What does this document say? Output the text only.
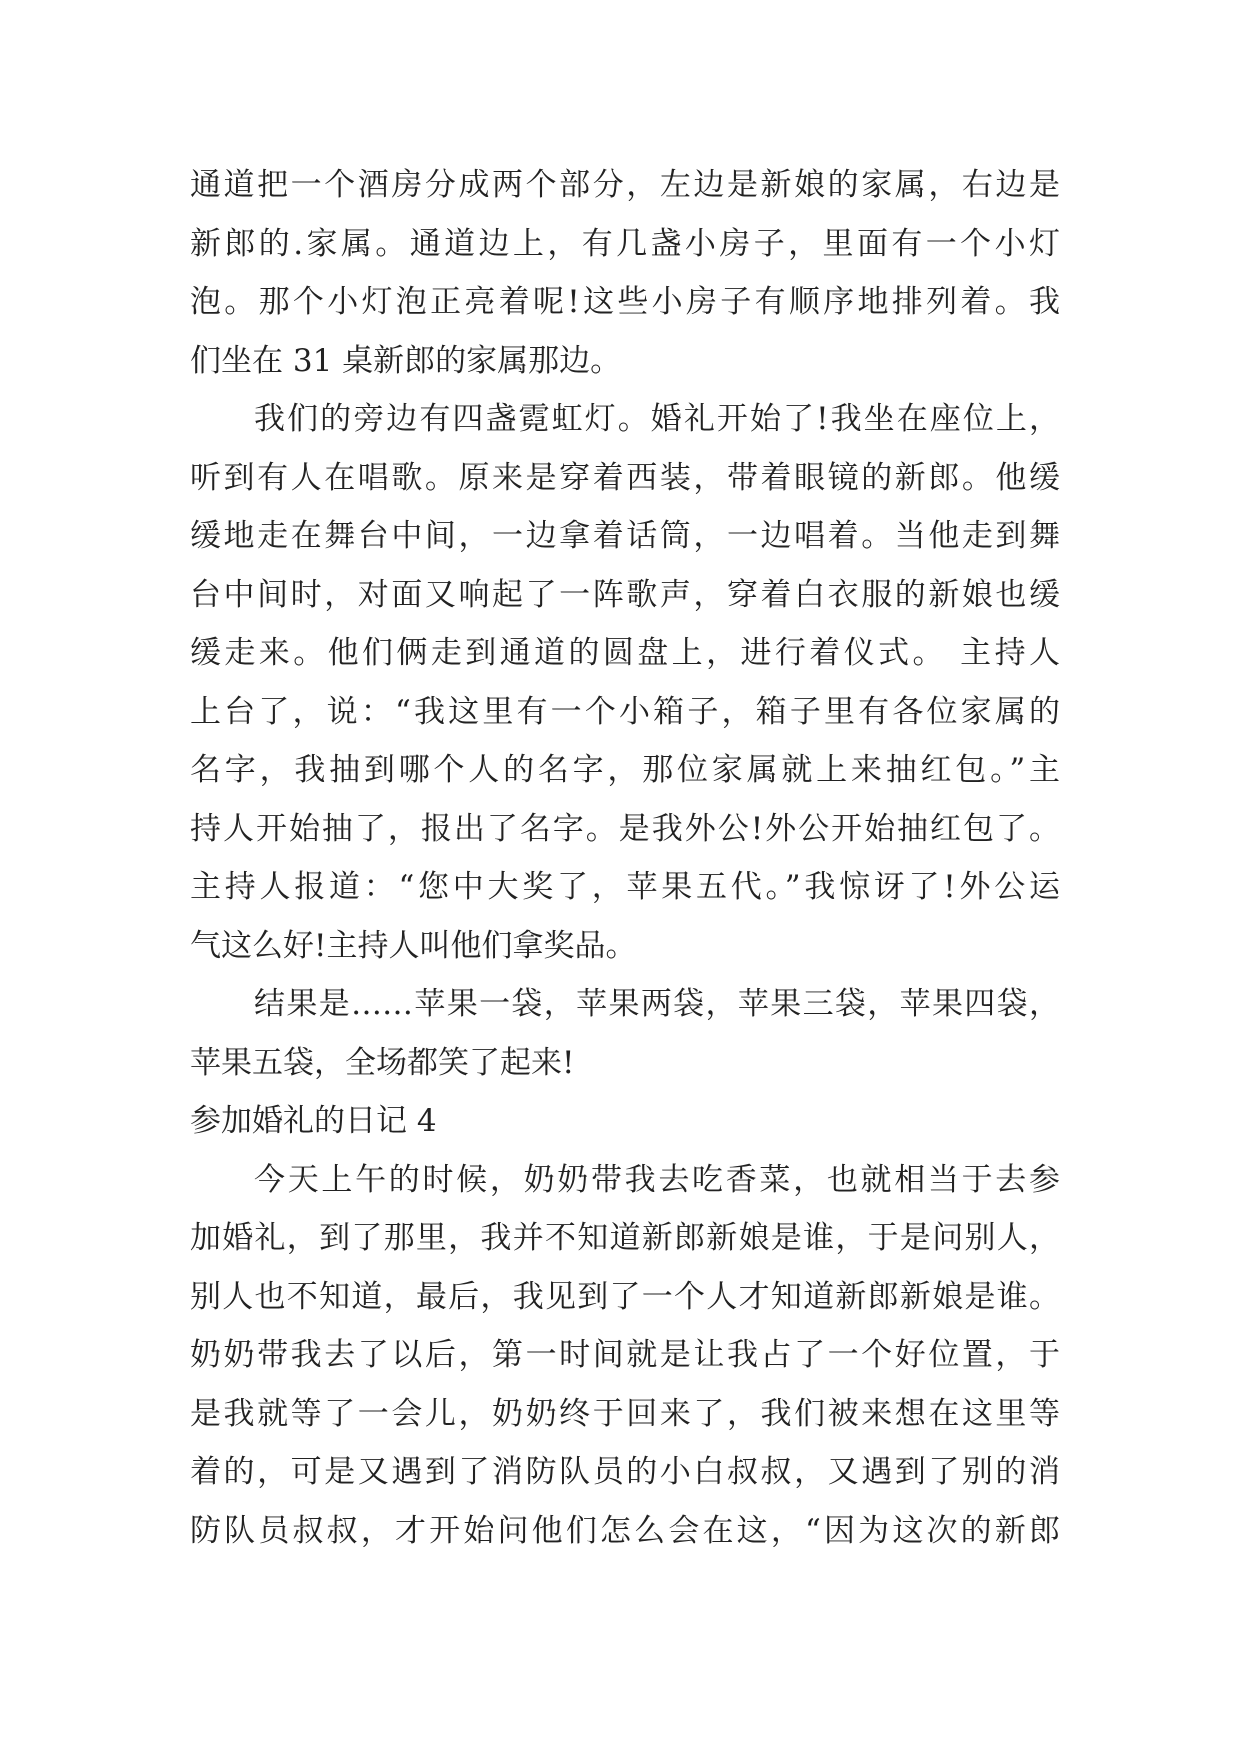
通道把一个酒房分成两个部分，左边是新娘的家属，右边是
新郎的.家属。通道边上，有几盏小房子，里面有一个小灯
泡。那个小灯泡正亮着呢!这些小房子有顺序地排列着。我
们坐在 31 桌新郎的家属那边。
我们的旁边有四盏霓虹灯。婚礼开始了!我坐在座位上，
听到有人在唱歌。原来是穿着西装，带着眼镜的新郎。他缓
缓地走在舞台中间，一边拿着话筒，一边唱着。当他走到舞
台中间时，对面又响起了一阵歌声，穿着白衣服的新娘也缓
缓走来。他们俩走到通道的圆盘上，进行着仪式。 主持人
上台了，说：“我这里有一个小箱子，箱子里有各位家属的
名字，我抽到哪个人的名字，那位家属就上来抽红包。”主
持人开始抽了，报出了名字。是我外公!外公开始抽红包了。
主持人报道：“您中大奖了，苹果五代。”我惊讶了!外公运
气这么好!主持人叫他们拿奖品。
结果是……苹果一袋，苹果两袋，苹果三袋，苹果四袋，
苹果五袋，全场都笑了起来!
参加婚礼的日记 4
今天上午的时候，奶奶带我去吃香菜，也就相当于去参
加婚礼，到了那里，我并不知道新郎新娘是谁，于是问别人，
别人也不知道，最后，我见到了一个人才知道新郎新娘是谁。
奶奶带我去了以后，第一时间就是让我占了一个好位置，于
是我就等了一会儿，奶奶终于回来了，我们被来想在这里等
着的，可是又遇到了消防队员的小白叔叔，又遇到了别的消
防队员叔叔，才开始问他们怎么会在这，“因为这次的新郎
